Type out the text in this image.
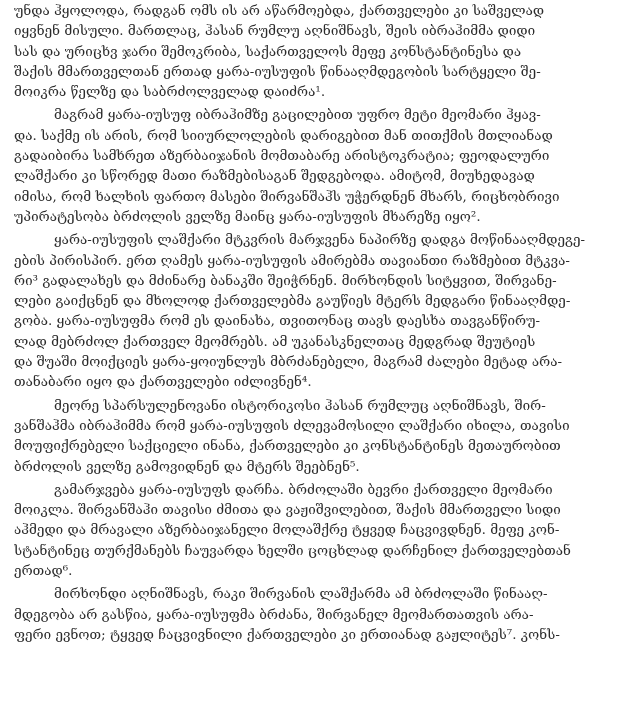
უნდა ჰყოლოდა, რადგან ომს ის არ აწარმოებდა, ქართველები კი საშველად
იყვნენ მისული. მართლაც, ჰასან რუმლუ აღნიშნავს, შეის იბრაჰიმმა დიდი
სას და ურიცხვ ჯარი შემოკრიბა, საქართველოს მეფე კონსტანტინესა და
შაქის მმართველთან ერთად ყარა-იუსუფის წინააღმდეგობის სარტყელი შე-
მოიკრა წელზე და საბრძოლველად დაიძრა¹.
მაგრამ ყარა-იუსუფ იბრაჰიმზე გაცილებით უფრო მეტი მეომარი ჰყავ-
და. საქმე ის არის, რომ სიიურლოლების დარიგებით მან თითქმის მთლიანად
გადაიბირა სამხრეთ აზერბაიჯანის მომთაბარე არისტოკრატია; ფეოდალური
ლაშქარი კი სწორედ მათი რაზმებისაგან შედგებოდა. ამიტომ, მიუხედავად
იმისა, რომ ხალხის ფართო მასები შირვანშაჰს უჭერდნენ მხარს, რიცხობრივი
უპირატესობა ბრძოლის ველზე მაინც ყარა-იუსუფის მხარეზე იყო².
ყარა-იუსუფის ლაშქარი მტკვრის მარჯვენა ნაპირზე დადგა მოწინააღმდეგე-
ების პირისპირ. ერთ ღამეს ყარა-იუსუფის ამირებმა თავიანთი რაზმებით მტკვა-
რი³ გადალახეს და მძინარე ბანაკში შეიჭრნენ. მირხონდის სიტყვით, შირვანე-
ლები გაიქცნენ და მხოლოდ ქართველებმა გაუწიეს მტერს მედგარი წინააღმდე-
გობა. ყარა-იუსუფმა რომ ეს დაინახა, თვითონაც თავს დაესხა თავგანწირუ-
ლად მებრძოლ ქართველ მეომრებს. ამ უკანასკნელთაც მედგრად შეუტიეს
და შუაში მოიქციეს ყარა-ყოიუნლუს მბრძანებელი, მაგრამ ძალები მეტად არა-
თანაბარი იყო და ქართველები იძლივნენ⁴.
მეორე სპარსულენოვანი ისტორიკოსი ჰასან რუმლუც აღნიშნავს, შირ-
ვანშაჰმა იბრაჰიმმა რომ ყარა-იუსუფის ძლევამოსილი ლაშქარი იხილა, თავისი
მოუფიქრებელი საქციელი ინანა, ქართველები კი კონსტანტინეს მეთაურობით
ბრძოლის ველზე გამოვიდნენ და მტერს შეებნენ⁵.
გამარჯვება ყარა-იუსუფს დარჩა. ბრძოლაში ბევრი ქართველი მეომარი
მოიკლა. შირვანშაჰი თავისი ძმითა და ვაჟიშვილებით, შაქის მმართველი სიდი
აჰმედი და მრავალი აზერბაიჯანელი მოლაშქრე ტყვედ ჩაცვივდნენ. მეფე კონ-
სტანტინეც თურქმანებს ჩაუვარდა ხელში ცოცხლად დარჩენილ ქართველებთან
ერთად⁶.
მირხონდი აღნიშნავს, რაკი შირვანის ლაშქარმა ამ ბრძოლაში წინააღ-
მდეგობა არ გასწია, ყარა-იუსუფმა ბრძანა, შირვანელ მეომართათვის არა-
ფერი ევნოთ; ტყვედ ჩაცვივნილი ქართველები კი ერთიანად გაჟლიტეს⁷. კონს-
